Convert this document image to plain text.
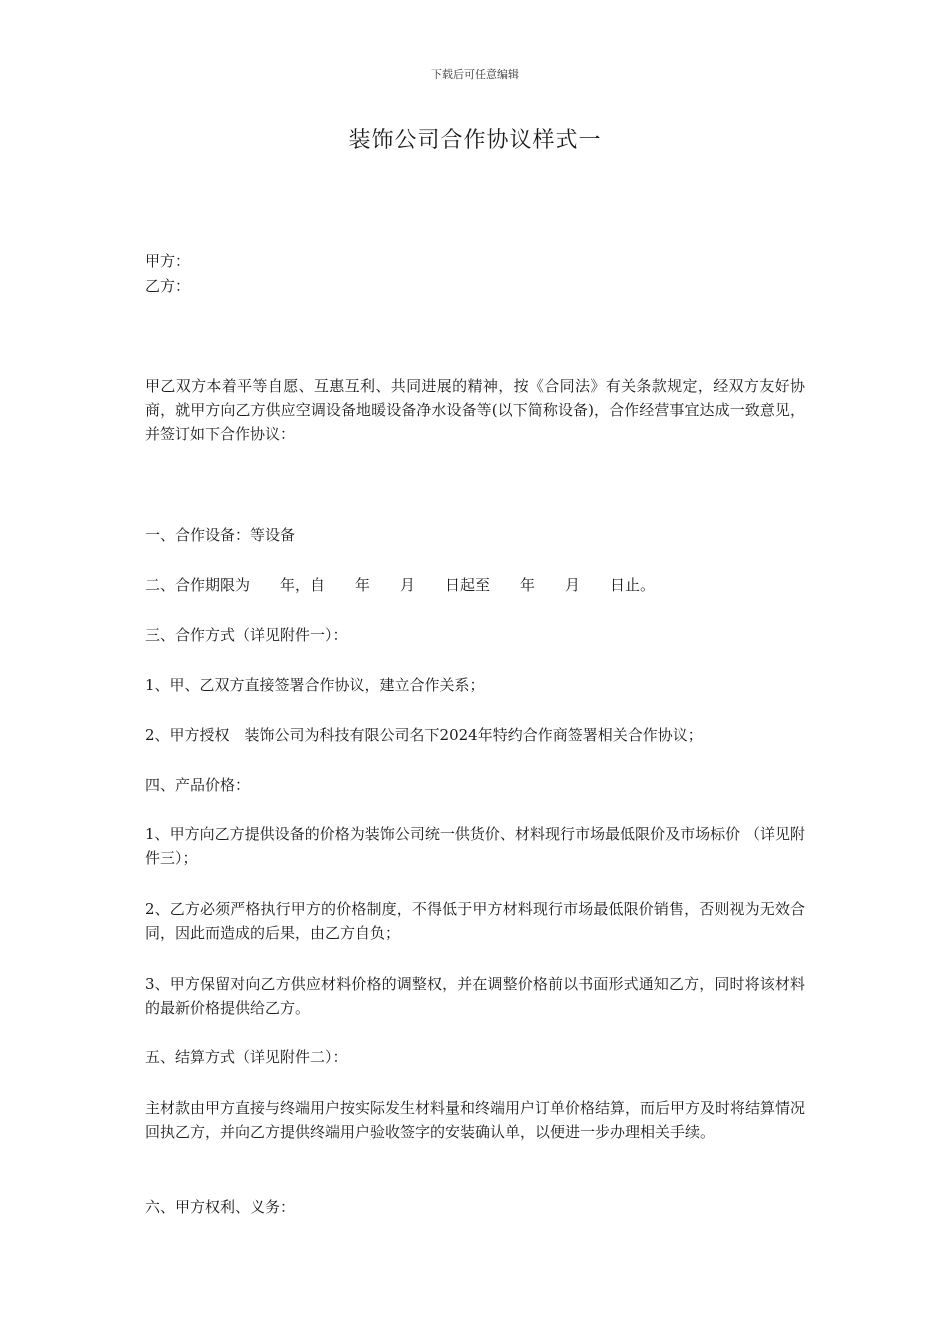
下载后可任意编辑
装饰公司合作协议样式一
甲方：
乙方：
甲乙双方本着平等自愿、互惠互利、共同进展的精神，按《合同法》有关条款规定，经双方友好协商，就甲方向乙方供应空调设备地暖设备净水设备等(以下简称设备)，合作经营事宜达成一致意见，并签订如下合作协议：
一、合作设备：等设备
二、合作期限为　　年，自　　年　　月　　日起至　　年　　月　　日止。
三、合作方式（详见附件一）：
1、甲、乙双方直接签署合作协议，建立合作关系；
2、甲方授权　装饰公司为科技有限公司名下2024年特约合作商签署相关合作协议；
四、产品价格：
1、甲方向乙方提供设备的价格为装饰公司统一供货价、材料现行市场最低限价及市场标价 （详见附件三）；
2、乙方必须严格执行甲方的价格制度，不得低于甲方材料现行市场最低限价销售，否则视为无效合同，因此而造成的后果，由乙方自负；
3、甲方保留对向乙方供应材料价格的调整权，并在调整价格前以书面形式通知乙方，同时将该材料的最新价格提供给乙方。
五、结算方式（详见附件二）：
主材款由甲方直接与终端用户按实际发生材料量和终端用户订单价格结算，而后甲方及时将结算情况回执乙方，并向乙方提供终端用户验收签字的安装确认单，以便进一步办理相关手续。
六、甲方权利、义务：
